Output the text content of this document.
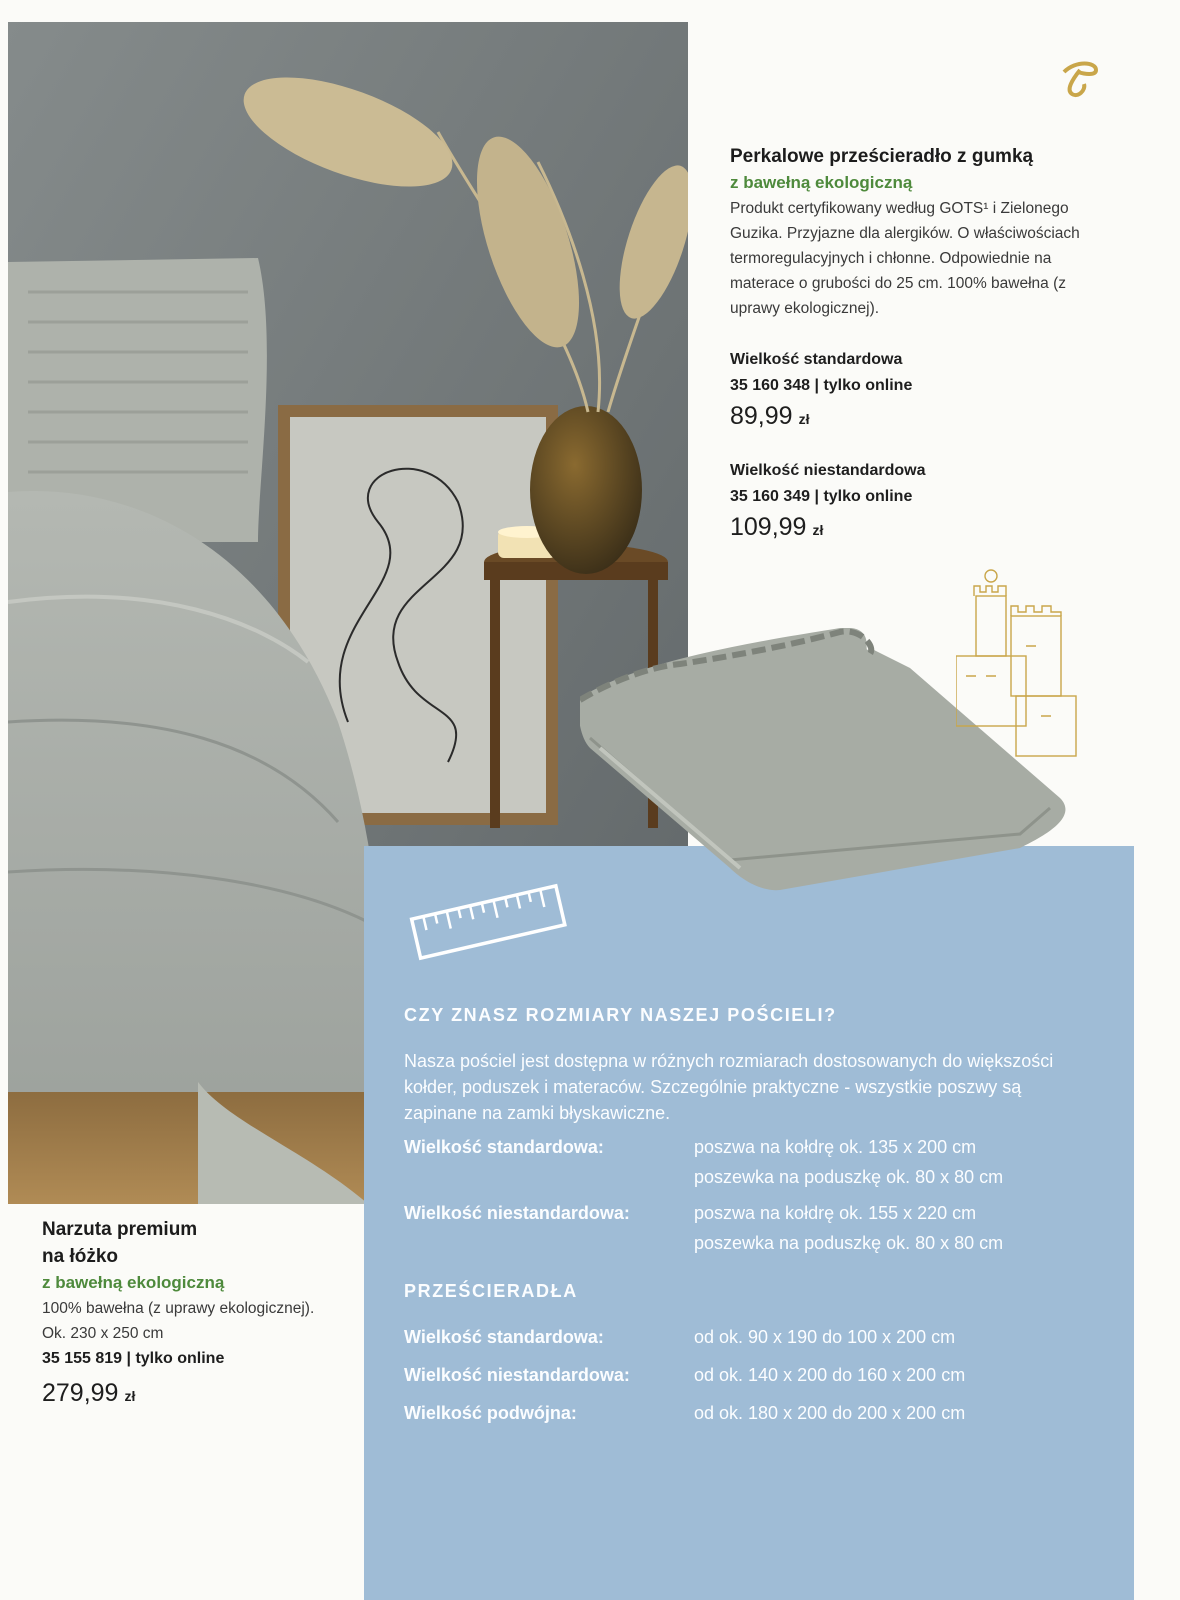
Perkalowe prześcieradło z gumką
z bawełną ekologiczną
Produkt certyfikowany według GOTS¹ i Zielonego Guzika. Przyjazne dla alergików. O właściwościach termoregulacyjnych i chłonne. Odpowiednie na materace o grubości do 25 cm. 100% bawełna (z uprawy ekologicznej).
Wielkość standardowa
35 160 348 | tylko online
89,99 zł
Wielkość niestandardowa
35 160 349 | tylko online
109,99 zł
Narzuta premium
na łóżko
z bawełną ekologiczną
100% bawełna (z uprawy ekologicznej). Ok. 230 x 250 cm
35 155 819 | tylko online
279,99 zł
CZY ZNASZ ROZMIARY NASZEJ POŚCIELI?
Nasza pościel jest dostępna w różnych rozmiarach dostosowanych do większości kołder, poduszek i materaców. Szczególnie praktyczne - wszystkie poszwy są zapinane na zamki błyskawiczne.
Wielkość standardowa:	poszwa na kołdrę ok. 135 x 200 cm
poszewka na poduszkę ok. 80 x 80 cm
Wielkość niestandardowa:	poszwa na kołdrę ok. 155 x 220 cm
poszewka na poduszkę ok. 80 x 80 cm
PRZEŚCIERADŁA
Wielkość standardowa:	od ok. 90 x 190 do 100 x 200 cm
Wielkość niestandardowa:	od ok. 140 x 200 do 160 x 200 cm
Wielkość podwójna:	od ok. 180 x 200 do 200 x 200 cm
